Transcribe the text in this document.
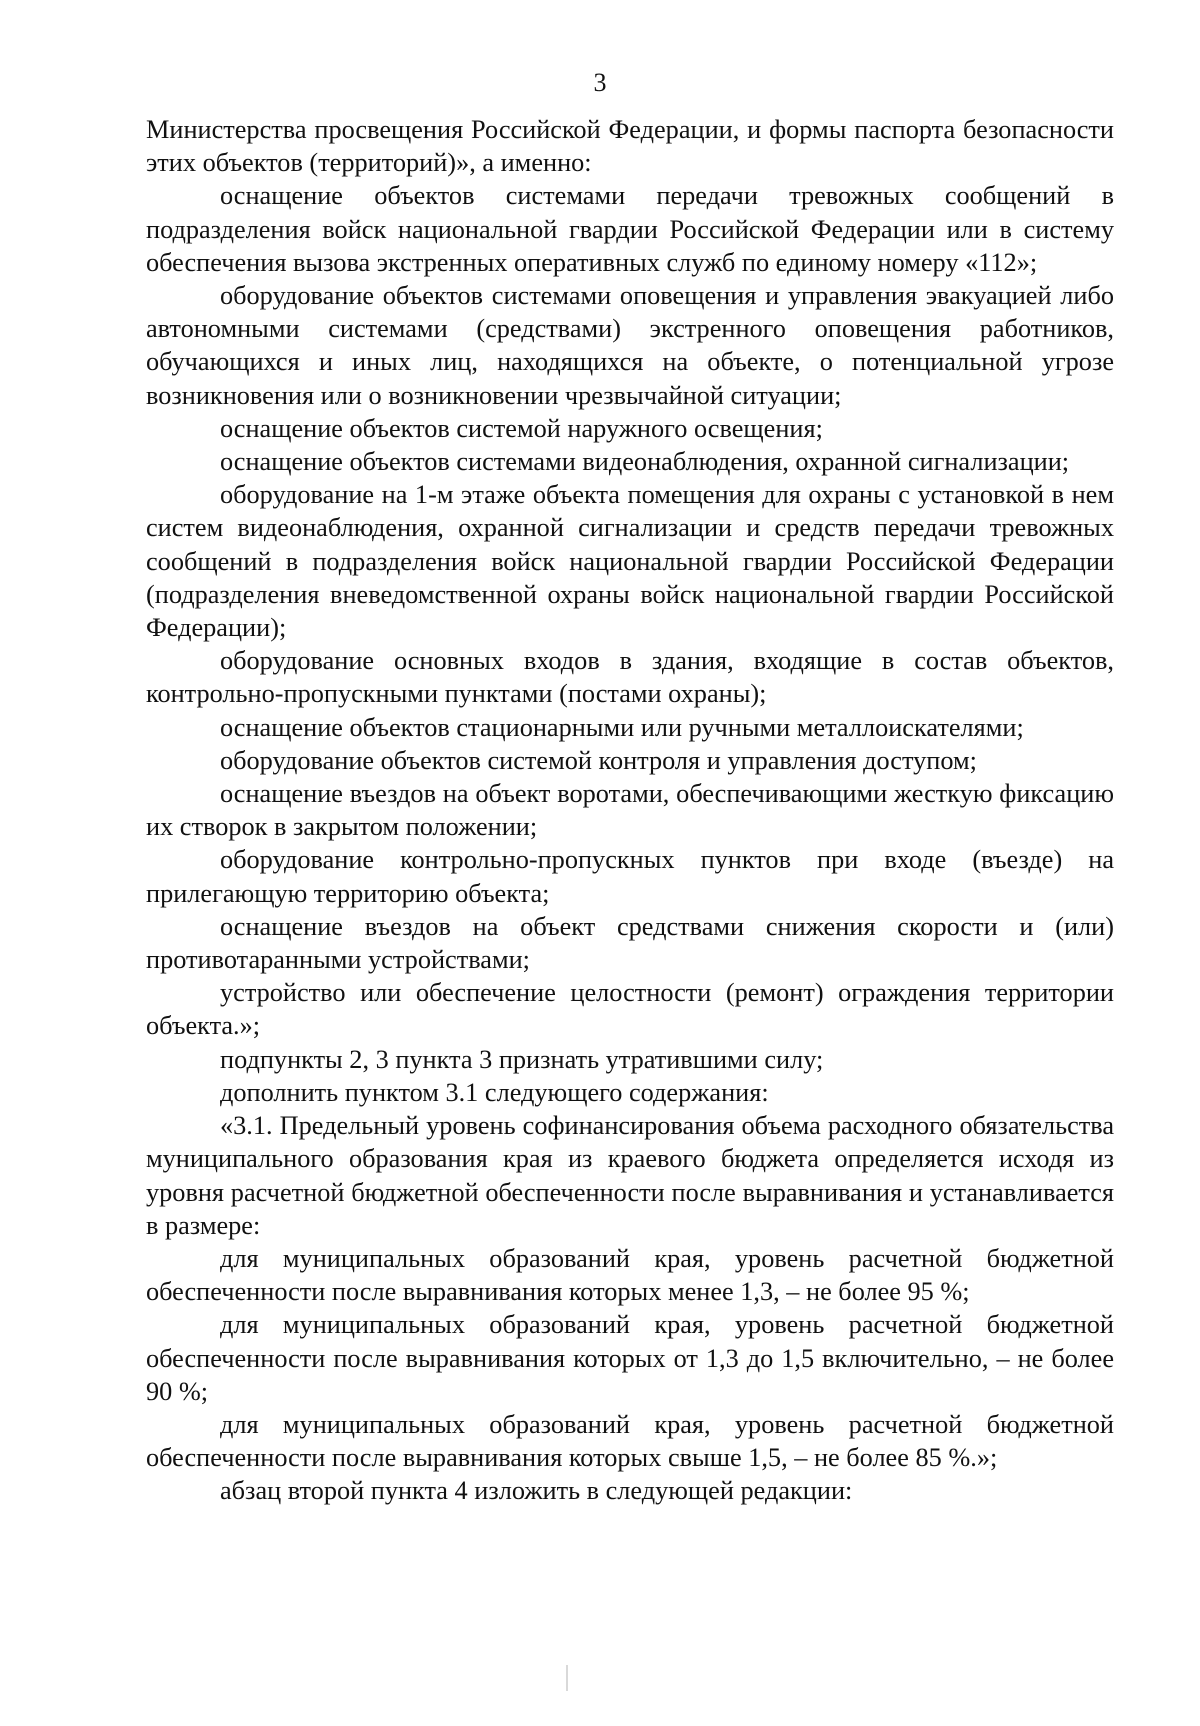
3

Министерства просвещения Российской Федерации, и формы паспорта безопасности этих объектов (территорий)», а именно:

оснащение объектов системами передачи тревожных сообщений в подразделения войск национальной гвардии Российской Федерации или в систему обеспечения вызова экстренных оперативных служб по единому номеру «112»;

оборудование объектов системами оповещения и управления эвакуацией либо автономными системами (средствами) экстренного оповещения работников, обучающихся и иных лиц, находящихся на объекте, о потенциальной угрозе возникновения или о возникновении чрезвычайной ситуации;

оснащение объектов системой наружного освещения;

оснащение объектов системами видеонаблюдения, охранной сигнализации;

оборудование на 1-м этаже объекта помещения для охраны с установкой в нем систем видеонаблюдения, охранной сигнализации и средств передачи тревожных сообщений в подразделения войск национальной гвардии Российской Федерации (подразделения вневедомственной охраны войск национальной гвардии Российской Федерации);

оборудование основных входов в здания, входящие в состав объектов, контрольно-пропускными пунктами (постами охраны);

оснащение объектов стационарными или ручными металлоискателями;

оборудование объектов системой контроля и управления доступом;

оснащение въездов на объект воротами, обеспечивающими жесткую фиксацию их створок в закрытом положении;

оборудование контрольно-пропускных пунктов при входе (въезде) на прилегающую территорию объекта;

оснащение въездов на объект средствами снижения скорости и (или) противотаранными устройствами;

устройство или обеспечение целостности (ремонт) ограждения территории объекта.»;

подпункты 2, 3 пункта 3 признать утратившими силу;

дополнить пунктом 3.1 следующего содержания:

«3.1. Предельный уровень софинансирования объема расходного обязательства муниципального образования края из краевого бюджета определяется исходя из уровня расчетной бюджетной обеспеченности после выравнивания и устанавливается в размере:

для муниципальных образований края, уровень расчетной бюджетной обеспеченности после выравнивания которых менее 1,3, – не более 95 %;

для муниципальных образований края, уровень расчетной бюджетной обеспеченности после выравнивания которых от 1,3 до 1,5 включительно, – не более 90 %;

для муниципальных образований края, уровень расчетной бюджетной обеспеченности после выравнивания которых свыше 1,5, – не более 85 %.»;

абзац второй пункта 4 изложить в следующей редакции:
